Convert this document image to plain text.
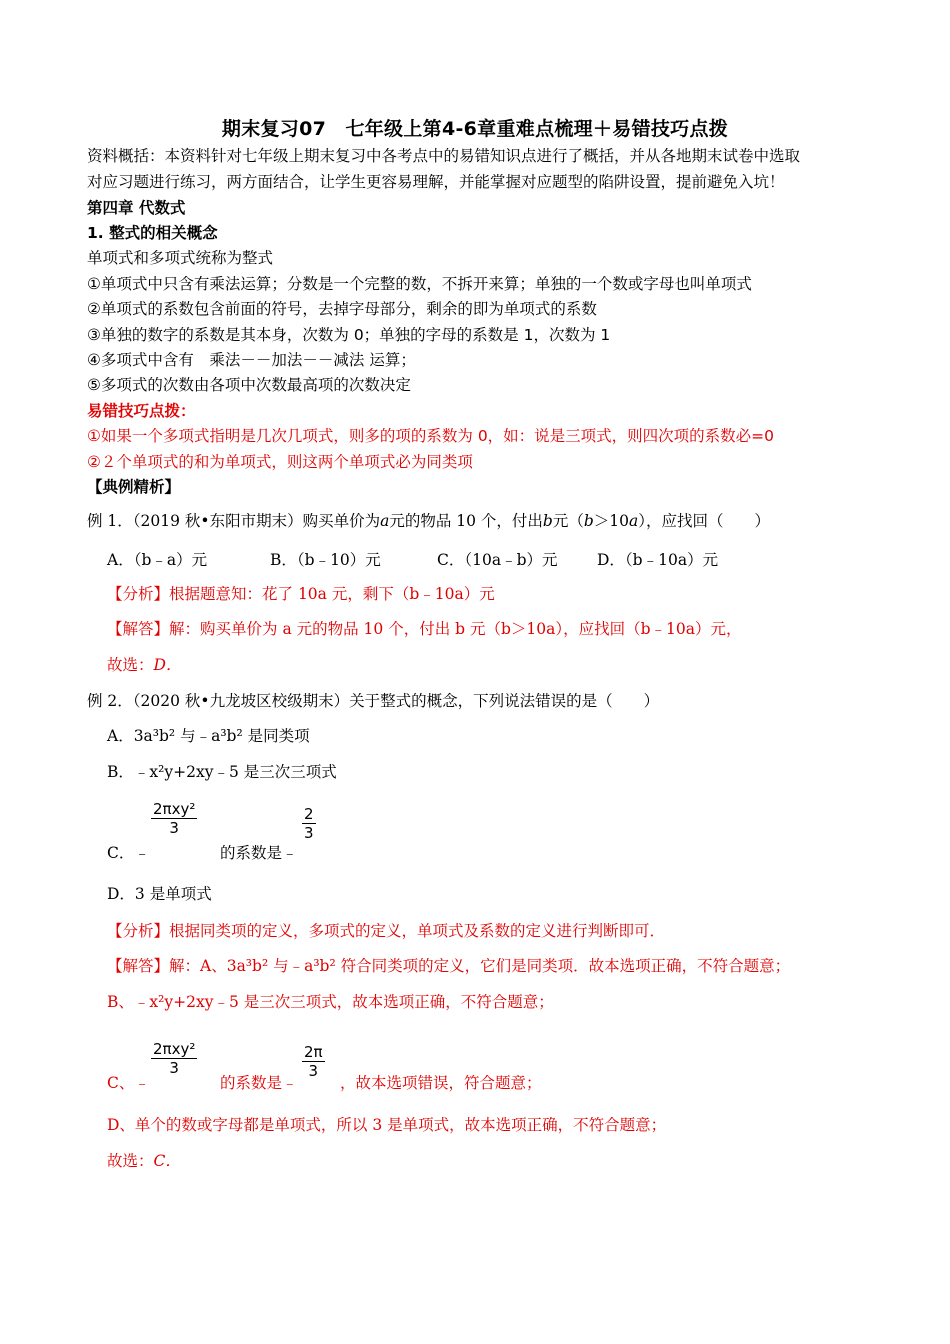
期末复习07　七年级上第4-6章重难点梳理＋易错技巧点拨
资料概括：本资料针对七年级上期末复习中各考点中的易错知识点进行了概括，并从各地期末试卷中选取
对应习题进行练习，两方面结合，让学生更容易理解，并能掌握对应题型的陷阱设置，提前避免入坑！
第四章 代数式
1. 整式的相关概念
单项式和多项式统称为整式
①单项式中只含有乘法运算；分数是一个完整的数，不拆开来算；单独的一个数或字母也叫单项式
②单项式的系数包含前面的符号，去掉字母部分，剩余的即为单项式的系数
③单独的数字的系数是其本身，次数为 0；单独的字母的系数是 1，次数为 1
④多项式中含有　乘法－－加法－－减法 运算；
⑤多项式的次数由各项中次数最高项的次数决定
易错技巧点拨：
①如果一个多项式指明是几次几项式，则多的项的系数为 0，如：说是三项式，则四次项的系数必=0
②２个单项式的和为单项式，则这两个单项式必为同类项
【典例精析】
例 1．（2019 秋•东阳市期末）购买单价为a元的物品 10 个，付出b元（b＞10a），应找回（　　）
A．（b﹣a）元	B．（b﹣10）元	C．（10a﹣b）元	D．（b﹣10a）元
【分析】根据题意知：花了 10a 元，剩下（b﹣10a）元
【解答】解：购买单价为 a 元的物品 10 个，付出 b 元（b＞10a），应找回（b﹣10a）元，
故选：D．
例 2．（2020 秋•九龙坡区校级期末）关于整式的概念，下列说法错误的是（　　）
A．3a³b² 与﹣a³b² 是同类项
B．﹣x²y+2xy﹣5 是三次三项式
2πxy²
3	$\frac{2}{3}$
C．﹣	的系数是﹣
D．3 是单项式
【分析】根据同类项的定义，多项式的定义，单项式及系数的定义进行判断即可．
【解答】解：A、3a³b² 与﹣a³b² 符合同类项的定义，它们是同类项．故本选项正确，不符合题意；
B、﹣x²y+2xy﹣5 是三次三项式，故本选项正确，不符合题意；
2πxy²
3	$\frac{2\pi}{3}$
C、﹣	的系数是﹣	，故本选项错误，符合题意；
D、单个的数或字母都是单项式，所以 3 是单项式，故本选项正确，不符合题意；
故选：C．
